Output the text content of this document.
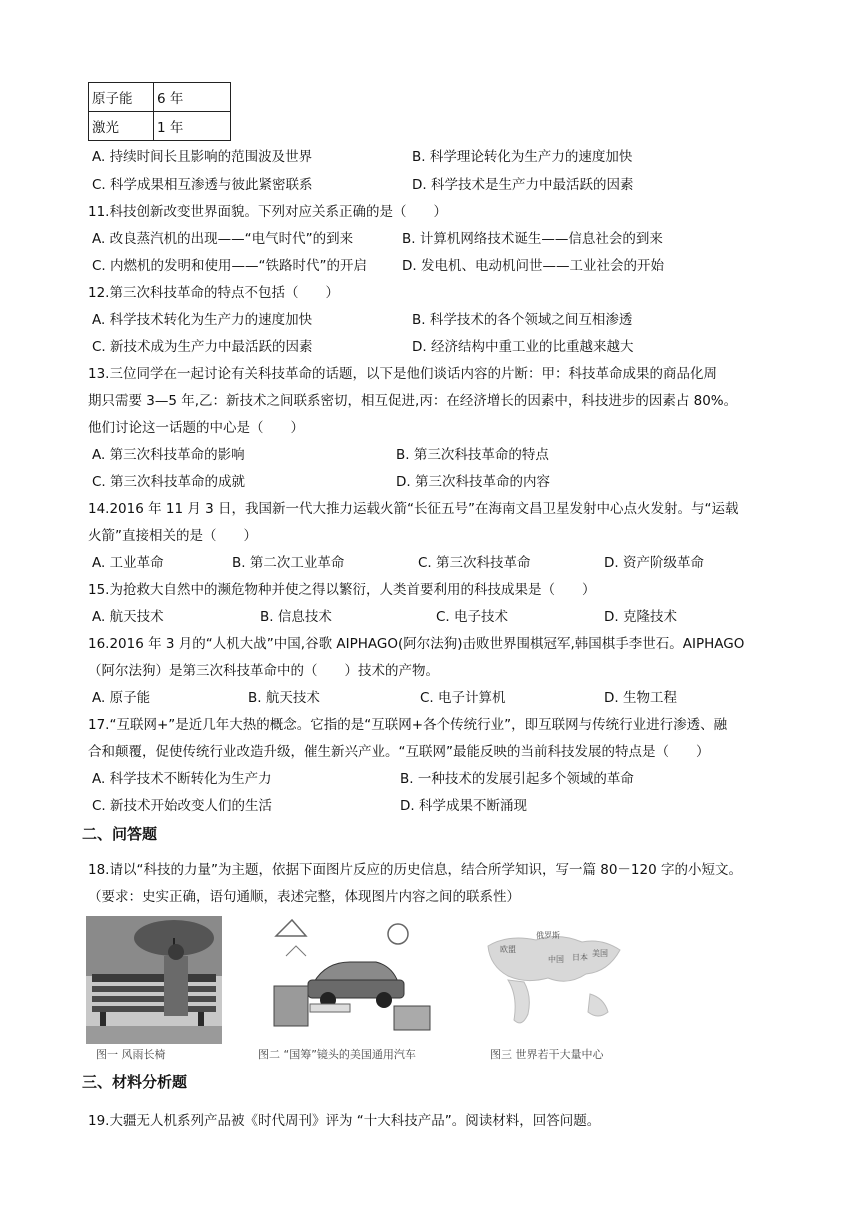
原子能	6 年
激光	1 年
A. 持续时间长且影响的范围波及世界	B. 科学理论转化为生产力的速度加快
C. 科学成果相互渗透与彼此紧密联系	D. 科学技术是生产力中最活跃的因素
11.科技创新改变世界面貌。下列对应关系正确的是（　　）
A. 改良蒸汽机的出现——“电气时代”的到来	B. 计算机网络技术诞生——信息社会的到来
C. 内燃机的发明和使用——“铁路时代”的开启	D. 发电机、电动机问世——工业社会的开始
12.第三次科技革命的特点不包括（　　）
A. 科学技术转化为生产力的速度加快	B. 科学技术的各个领域之间互相渗透
C. 新技术成为生产力中最活跃的因素	D. 经济结构中重工业的比重越来越大
13.三位同学在一起讨论有关科技革命的话题，以下是他们谈话内容的片断：甲：科技革命成果的商品化周
期只需要 3—5 年,乙：新技术之间联系密切，相互促进,丙：在经济增长的因素中，科技进步的因素占 80%。
他们讨论这一话题的中心是（　　）
A. 第三次科技革命的影响	B. 第三次科技革命的特点
C. 第三次科技革命的成就	D. 第三次科技革命的内容
14.2016 年 11 月 3 日，我国新一代大推力运载火箭“长征五号”在海南文昌卫星发射中心点火发射。与“运载
火箭”直接相关的是（　　）
A. 工业革命	B. 第二次工业革命	C. 第三次科技革命	D. 资产阶级革命
15.为抢救大自然中的濒危物种并使之得以繁衍，人类首要利用的科技成果是（　　）
A. 航天技术	B. 信息技术	C. 电子技术	D. 克隆技术
16.2016 年 3 月的“人机大战”中国,谷歌 AIPHAGO(阿尔法狗)击败世界围棋冠军,韩国棋手李世石。AIPHAGO
（阿尔法狗）是第三次科技革命中的（　　）技术的产物。
A. 原子能	B. 航天技术	C. 电子计算机	D. 生物工程
17.“互联网+”是近几年大热的概念。它指的是“互联网+各个传统行业”，即互联网与传统行业进行渗透、融
合和颠覆，促使传统行业改造升级，催生新兴产业。“互联网”最能反映的当前科技发展的特点是（　　）
A. 科学技术不断转化为生产力	B. 一种技术的发展引起多个领域的革命
C. 新技术开始改变人们的生活	D. 科学成果不断涌现
二、问答题
18.请以“科技的力量”为主题，依据下面图片反应的历史信息，结合所学知识，写一篇 80－120 字的小短文。
（要求：史实正确，语句通顺，表述完整，体现图片内容之间的联系性）
图一 风雨长椅	图二 “国筹”镜头的美国通用汽车
俄罗斯
欧盟
中国
美国
日本
图三 世界若干大量中心
三、材料分析题
19.大疆无人机系列产品被《时代周刊》评为 “十大科技产品”。阅读材料，回答问题。
